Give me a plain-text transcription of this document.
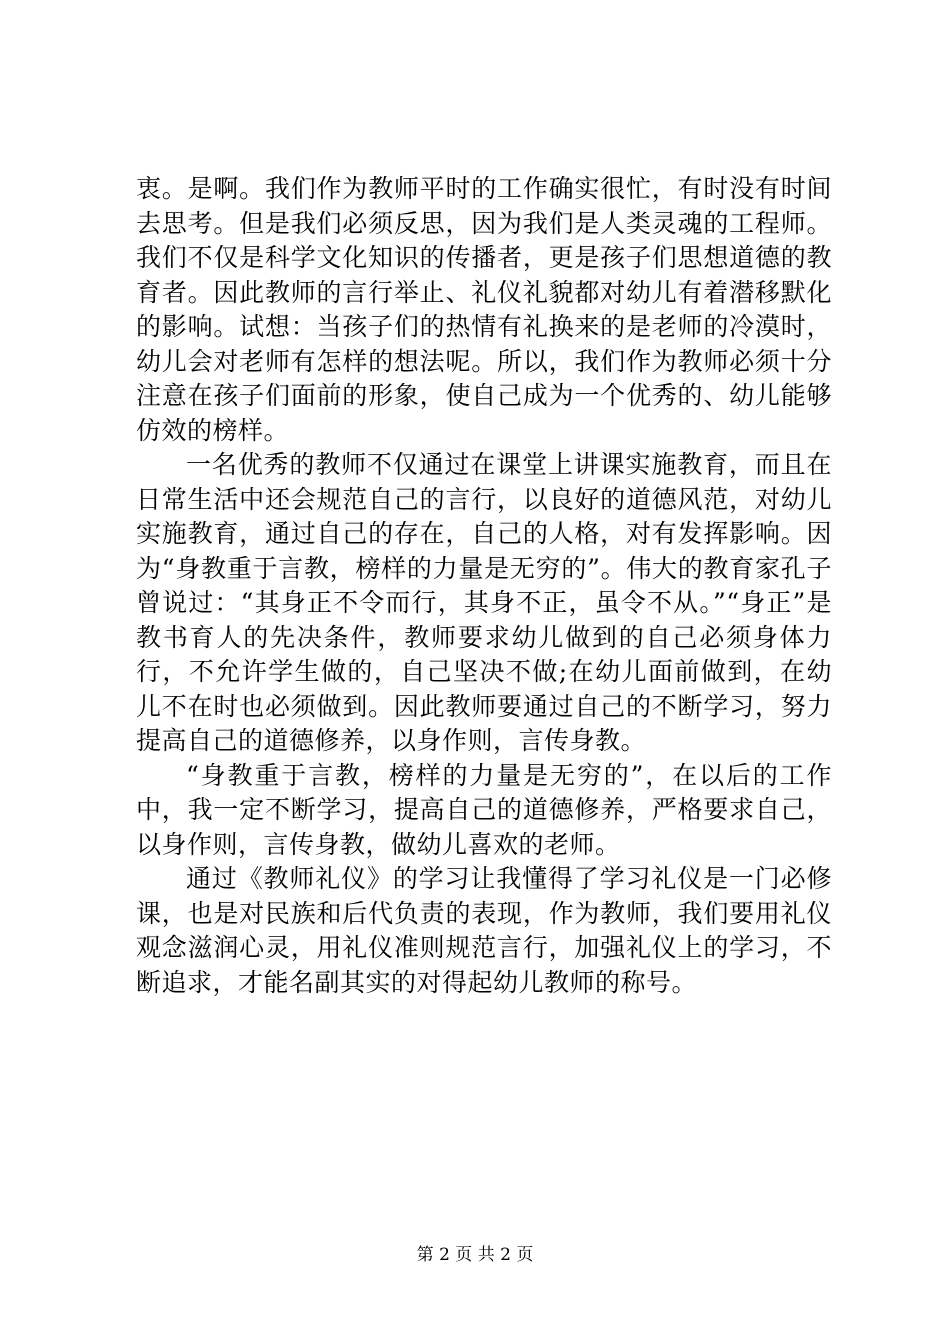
衷。是啊。我们作为教师平时的工作确实很忙，有时没有时间去思考。但是我们必须反思，因为我们是人类灵魂的工程师。我们不仅是科学文化知识的传播者，更是孩子们思想道德的教育者。因此教师的言行举止、礼仪礼貌都对幼儿有着潜移默化的影响。试想：当孩子们的热情有礼换来的是老师的冷漠时，幼儿会对老师有怎样的想法呢。所以，我们作为教师必须十分注意在孩子们面前的形象，使自己成为一个优秀的、幼儿能够仿效的榜样。

一名优秀的教师不仅通过在课堂上讲课实施教育，而且在日常生活中还会规范自己的言行，以良好的道德风范，对幼儿实施教育，通过自己的存在，自己的人格，对有发挥影响。因为“身教重于言教，榜样的力量是无穷的”。伟大的教育家孔子曾说过：“其身正不令而行，其身不正，虽令不从。”“身正”是教书育人的先决条件，教师要求幼儿做到的自己必须身体力行，不允许学生做的，自己坚决不做;在幼儿面前做到，在幼儿不在时也必须做到。因此教师要通过自己的不断学习，努力提高自己的道德修养，以身作则，言传身教。

“身教重于言教，榜样的力量是无穷的”，在以后的工作中，我一定不断学习，提高自己的道德修养，严格要求自己，以身作则，言传身教，做幼儿喜欢的老师。

通过《教师礼仪》的学习让我懂得了学习礼仪是一门必修课，也是对民族和后代负责的表现，作为教师，我们要用礼仪观念滋润心灵，用礼仪准则规范言行，加强礼仪上的学习，不断追求，才能名副其实的对得起幼儿教师的称号。

第 2 页 共 2 页
